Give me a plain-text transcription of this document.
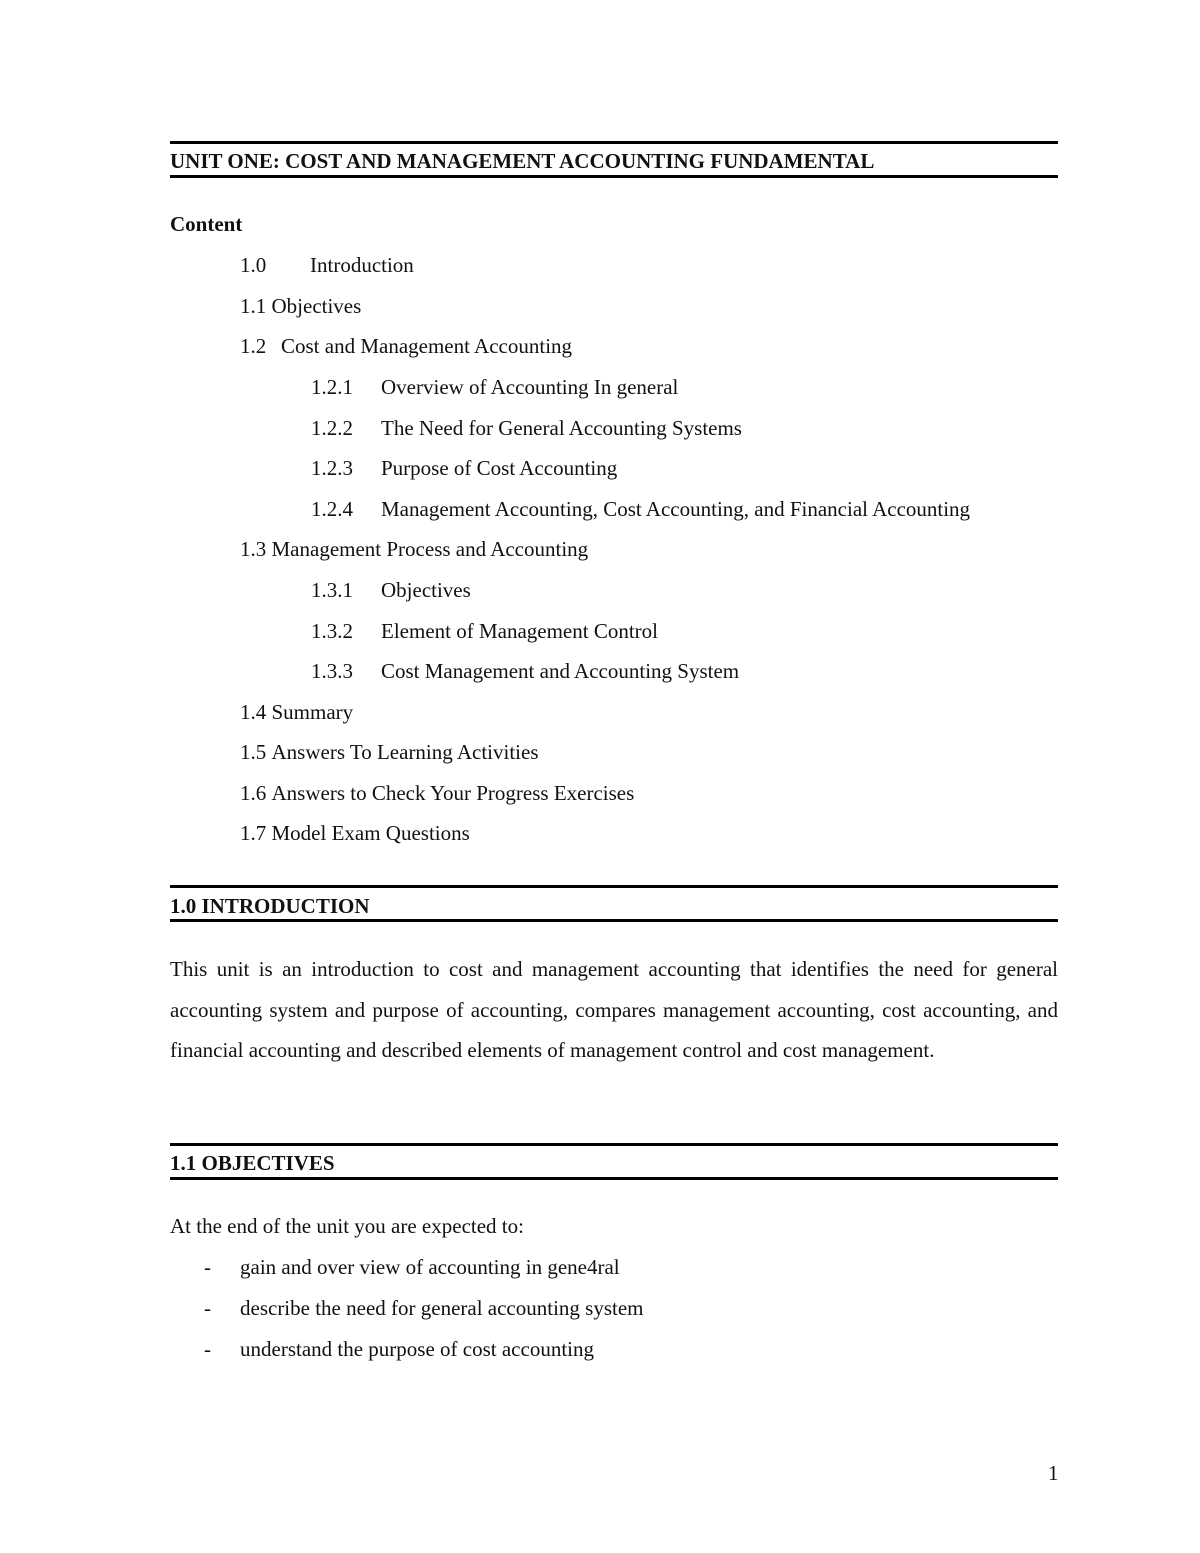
UNIT ONE: COST AND MANAGEMENT ACCOUNTING FUNDAMENTAL
Content
1.0 Introduction
1.1 Objectives
1.2 Cost and Management Accounting
1.2.1 Overview of Accounting In general
1.2.2 The Need for General Accounting Systems
1.2.3 Purpose of Cost Accounting
1.2.4 Management Accounting, Cost Accounting, and Financial Accounting
1.3 Management Process and Accounting
1.3.1 Objectives
1.3.2 Element of Management Control
1.3.3 Cost Management and Accounting System
1.4 Summary
1.5 Answers To Learning Activities
1.6 Answers to Check Your Progress Exercises
1.7 Model Exam Questions
1.0 INTRODUCTION
This unit is an introduction to cost and management accounting that identifies the need for general accounting system and purpose of accounting, compares management accounting, cost accounting, and financial accounting and described elements of management control and cost management.
1.1 OBJECTIVES
At the end of the unit you are expected to:
- gain and over view of accounting in gene4ral
- describe the need for general accounting system
- understand the purpose of cost accounting
1
